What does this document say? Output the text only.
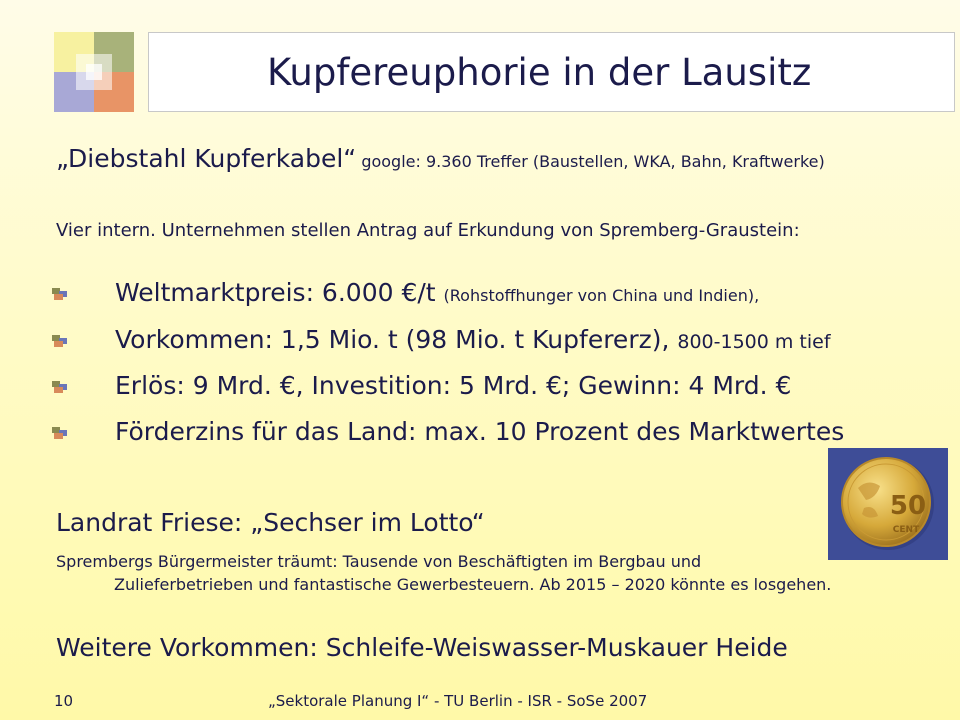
Kupfereuphorie in der Lausitz
„Diebstahl Kupferkabel“ google: 9.360 Treffer (Baustellen, WKA, Bahn, Kraftwerke)
Vier intern. Unternehmen stellen Antrag auf Erkundung von Spremberg-Graustein:
Weltmarktpreis: 6.000 €/t (Rohstoffhunger von China und Indien),
Vorkommen: 1,5 Mio. t (98 Mio. t Kupfererz), 800-1500 m tief
Erlös: 9 Mrd. €, Investition: 5 Mrd. €; Gewinn: 4 Mrd. €
Förderzins für das Land: max. 10 Prozent des Marktwertes
50
CENT
Landrat Friese: „Sechser im Lotto“
Sprembergs Bürgermeister träumt: Tausende von Beschäftigten im Bergbau und
Zulieferbetrieben und fantastische Gewerbesteuern. Ab 2015 – 2020 könnte es losgehen.
Weitere Vorkommen: Schleife-Weiswasser-Muskauer Heide
10	„Sektorale Planung I“ - TU Berlin - ISR - SoSe 2007
